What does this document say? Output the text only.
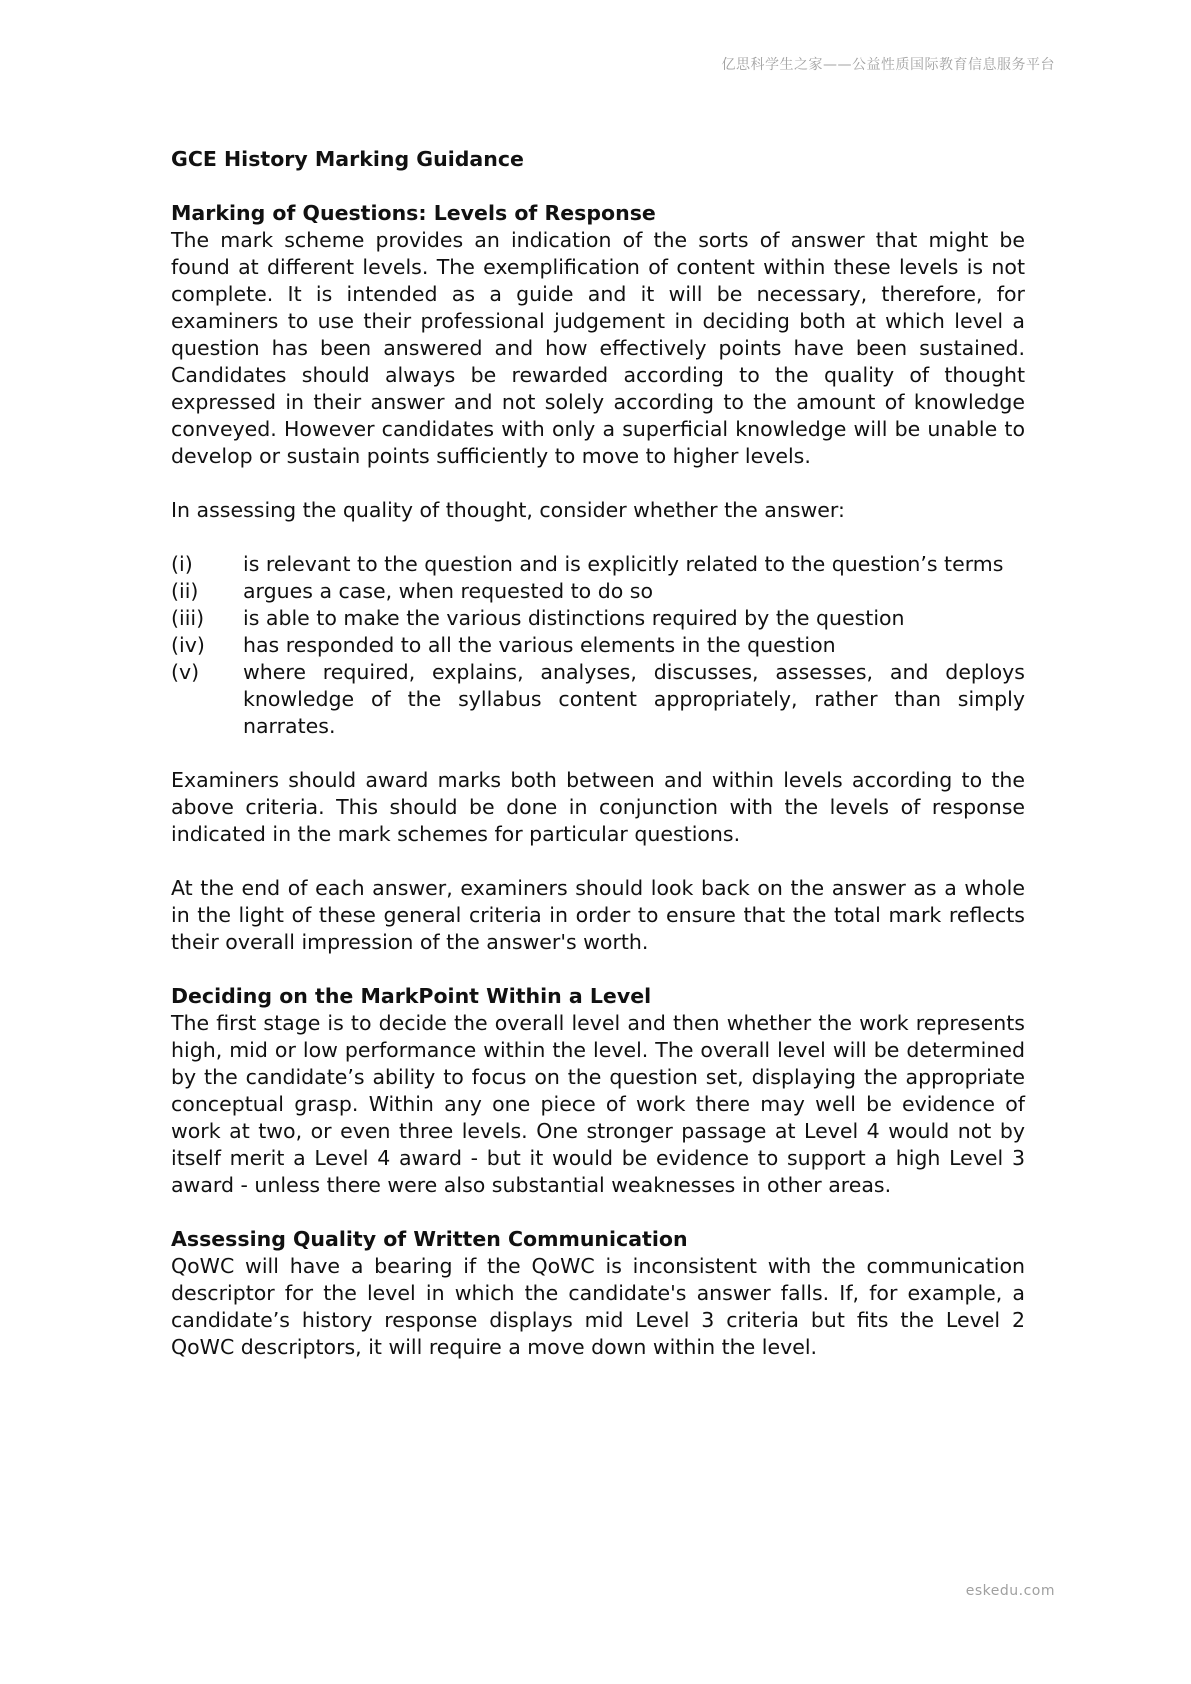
亿思科学生之家——公益性质国际教育信息服务平台
GCE History Marking Guidance
Marking of Questions: Levels of Response

The mark scheme provides an indication of the sorts of answer that might be found at different levels. The exemplification of content within these levels is not complete. It is intended as a guide and it will be necessary, therefore, for examiners to use their professional judgement in deciding both at which level a question has been answered and how effectively points have been sustained. Candidates should always be rewarded according to the quality of thought expressed in their answer and not solely according to the amount of knowledge conveyed. However candidates with only a superficial knowledge will be unable to develop or sustain points sufficiently to move to higher levels.

In assessing the quality of thought, consider whether the answer:

(i)	is relevant to the question and is explicitly related to the question’s terms
(ii)	argues a case, when requested to do so
(iii)	is able to make the various distinctions required by the question
(iv)	has responded to all the various elements in the question
(v)	where required, explains, analyses, discusses, assesses, and deploys knowledge of the syllabus content appropriately, rather than simply narrates.

Examiners should award marks both between and within levels according to the above criteria. This should be done in conjunction with the levels of response indicated in the mark schemes for particular questions.

At the end of each answer, examiners should look back on the answer as a whole in the light of these general criteria in order to ensure that the total mark reflects their overall impression of the answer's worth.

Deciding on the MarkPoint Within a Level

The first stage is to decide the overall level and then whether the work represents high, mid or low performance within the level. The overall level will be determined by the candidate’s ability to focus on the question set, displaying the appropriate conceptual grasp. Within any one piece of work there may well be evidence of work at two, or even three levels. One stronger passage at Level 4 would not by itself merit a Level 4 award - but it would be evidence to support a high Level 3 award - unless there were also substantial weaknesses in other areas.

Assessing Quality of Written Communication

QoWC will have a bearing if the QoWC is inconsistent with the communication descriptor for the level in which the candidate's answer falls. If, for example, a candidate’s history response displays mid Level 3 criteria but fits the Level 2 QoWC descriptors, it will require a move down within the level.

eskedu.com
